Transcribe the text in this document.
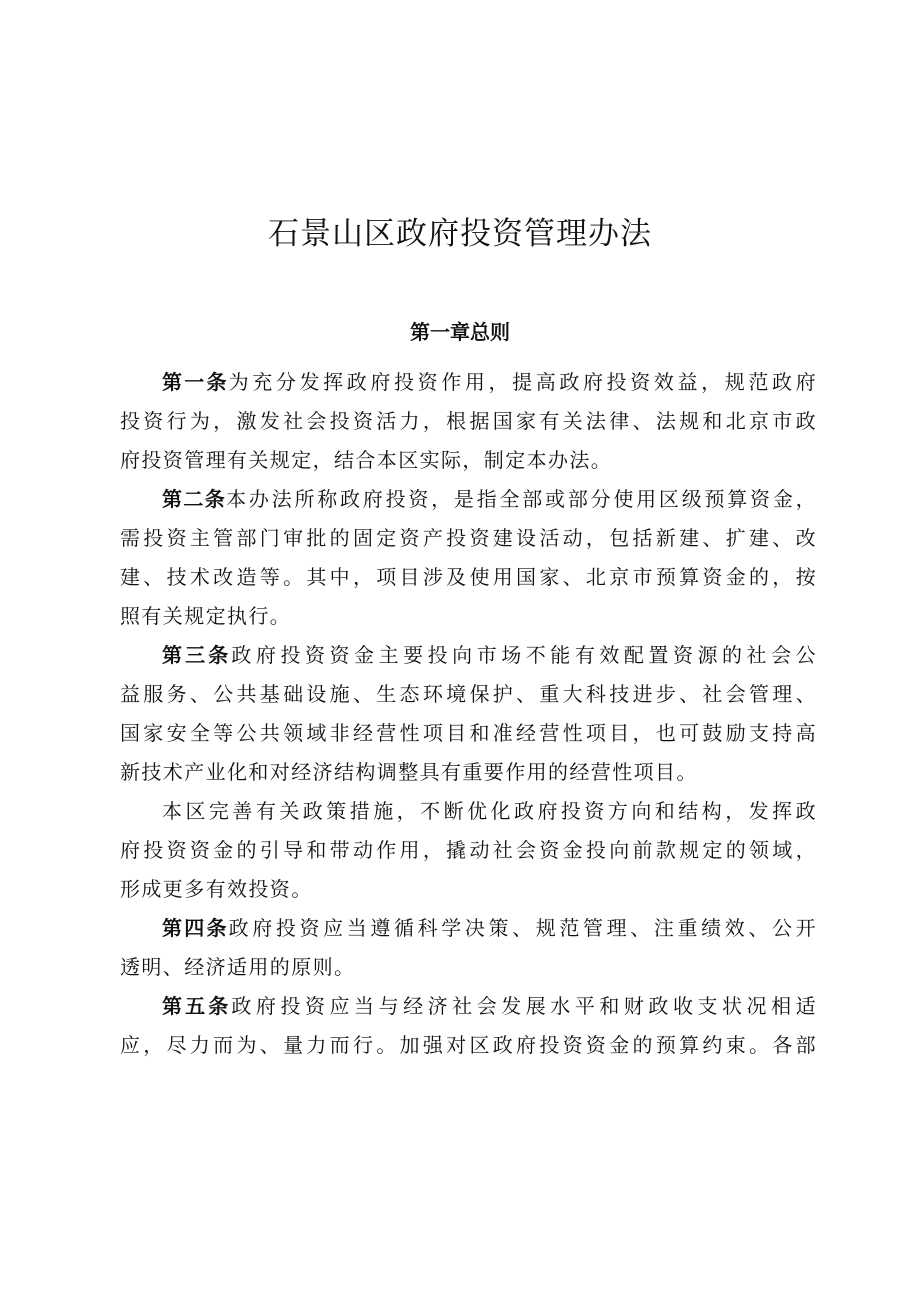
石景山区政府投资管理办法
第一章总则
第一条为充分发挥政府投资作用，提高政府投资效益，规范政府
投资行为，激发社会投资活力，根据国家有关法律、法规和北京市政
府投资管理有关规定，结合本区实际，制定本办法。
第二条本办法所称政府投资，是指全部或部分使用区级预算资金，
需投资主管部门审批的固定资产投资建设活动，包括新建、扩建、改
建、技术改造等。其中，项目涉及使用国家、北京市预算资金的，按
照有关规定执行。
第三条政府投资资金主要投向市场不能有效配置资源的社会公
益服务、公共基础设施、生态环境保护、重大科技进步、社会管理、
国家安全等公共领域非经营性项目和准经营性项目，也可鼓励支持高
新技术产业化和对经济结构调整具有重要作用的经营性项目。
本区完善有关政策措施，不断优化政府投资方向和结构，发挥政
府投资资金的引导和带动作用，撬动社会资金投向前款规定的领域，
形成更多有效投资。
第四条政府投资应当遵循科学决策、规范管理、注重绩效、公开
透明、经济适用的原则。
第五条政府投资应当与经济社会发展水平和财政收支状况相适
应，尽力而为、量力而行。加强对区政府投资资金的预算约束。各部
